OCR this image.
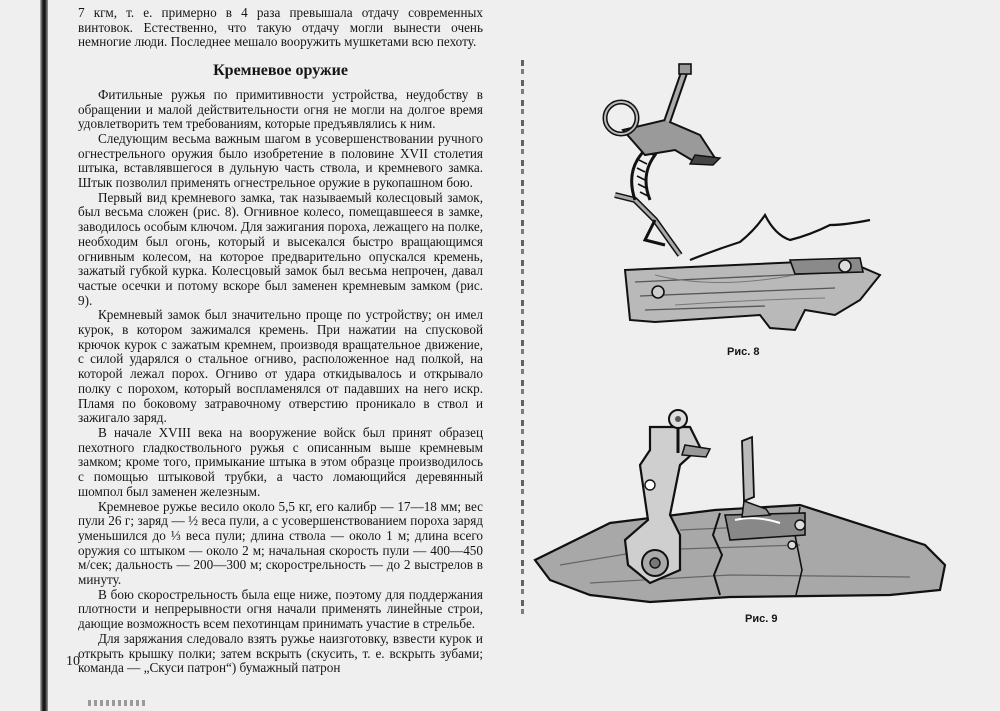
7 кгм, т. е. примерно в 4 раза превышала отдачу современных винтовок. Естественно, что такую отдачу могли вынести очень немногие люди. Последнее мешало вооружить мушкетами всю пехоту.

Кремневое оружие

Фитильные ружья по примитивности устройства, неудобству в обращении и малой действительности огня не могли на долгое время удовлетворить тем требованиям, которые предъявлялись к ним.

Следующим весьма важным шагом в усовершенствовании ручного огнестрельного оружия было изобретение в половине XVII столетия штыка, вставлявшегося в дульную часть ствола, и кремневого замка. Штык позволил применять огнестрельное оружие в рукопашном бою.

Первый вид кремневого замка, так называемый колесцовый замок, был весьма сложен (рис. 8). Огнивное колесо, помещавшееся в замке, заводилось особым ключом. Для зажигания пороха, лежащего на полке, необходим был огонь, который и высекался быстро вращающимся огнивным колесом, на которое предварительно опускался кремень, зажатый губкой курка. Колесцовый замок был весьма непрочен, давал частые осечки и потому вскоре был заменен кремневым замком (рис. 9).

Кремневый замок был значительно проще по устройству; он имел курок, в котором зажимался кремень. При нажатии на спусковой крючок курок с зажатым кремнем, производя вращательное движение, с силой ударялся о стальное огниво, расположенное над полкой, на которой лежал порох. Огниво от удара откидывалось и открывало полку с порохом, который воспламенялся от падавших на него искр. Пламя по боковому затравочному отверстию проникало в ствол и зажигало заряд.

В начале XVIII века на вооружение войск был принят образец пехотного гладкоствольного ружья с описанным выше кремневым замком; кроме того, примыкание штыка в этом образце производилось с помощью штыковой трубки, а часто ломающийся деревянный шомпол был заменен железным.

Кремневое ружье весило около 5,5 кг, его калибр — 17—18 мм; вес пули 26 г; заряд — ½ веса пули, а с усовершенствованием пороха заряд уменьшился до ⅓ веса пули; длина ствола — около 1 м; длина всего оружия со штыком — около 2 м; начальная скорость пули — 400—450 м/сек; дальность — 200—300 м; скорострельность — до 2 выстрелов в минуту.

В бою скорострельность была еще ниже, поэтому для поддержания плотности и непрерывности огня начали применять линейные строи, дающие возможность всем пехотинцам принимать участие в стрельбе.

Для заряжания следовало взять ружье наизготовку, взвести курок и открыть крышку полки; затем вскрыть (скусить, т. е. вскрыть зубами; команда — „Скуси патрон“) бумажный патрон

10
Рис. 8
Рис. 9
